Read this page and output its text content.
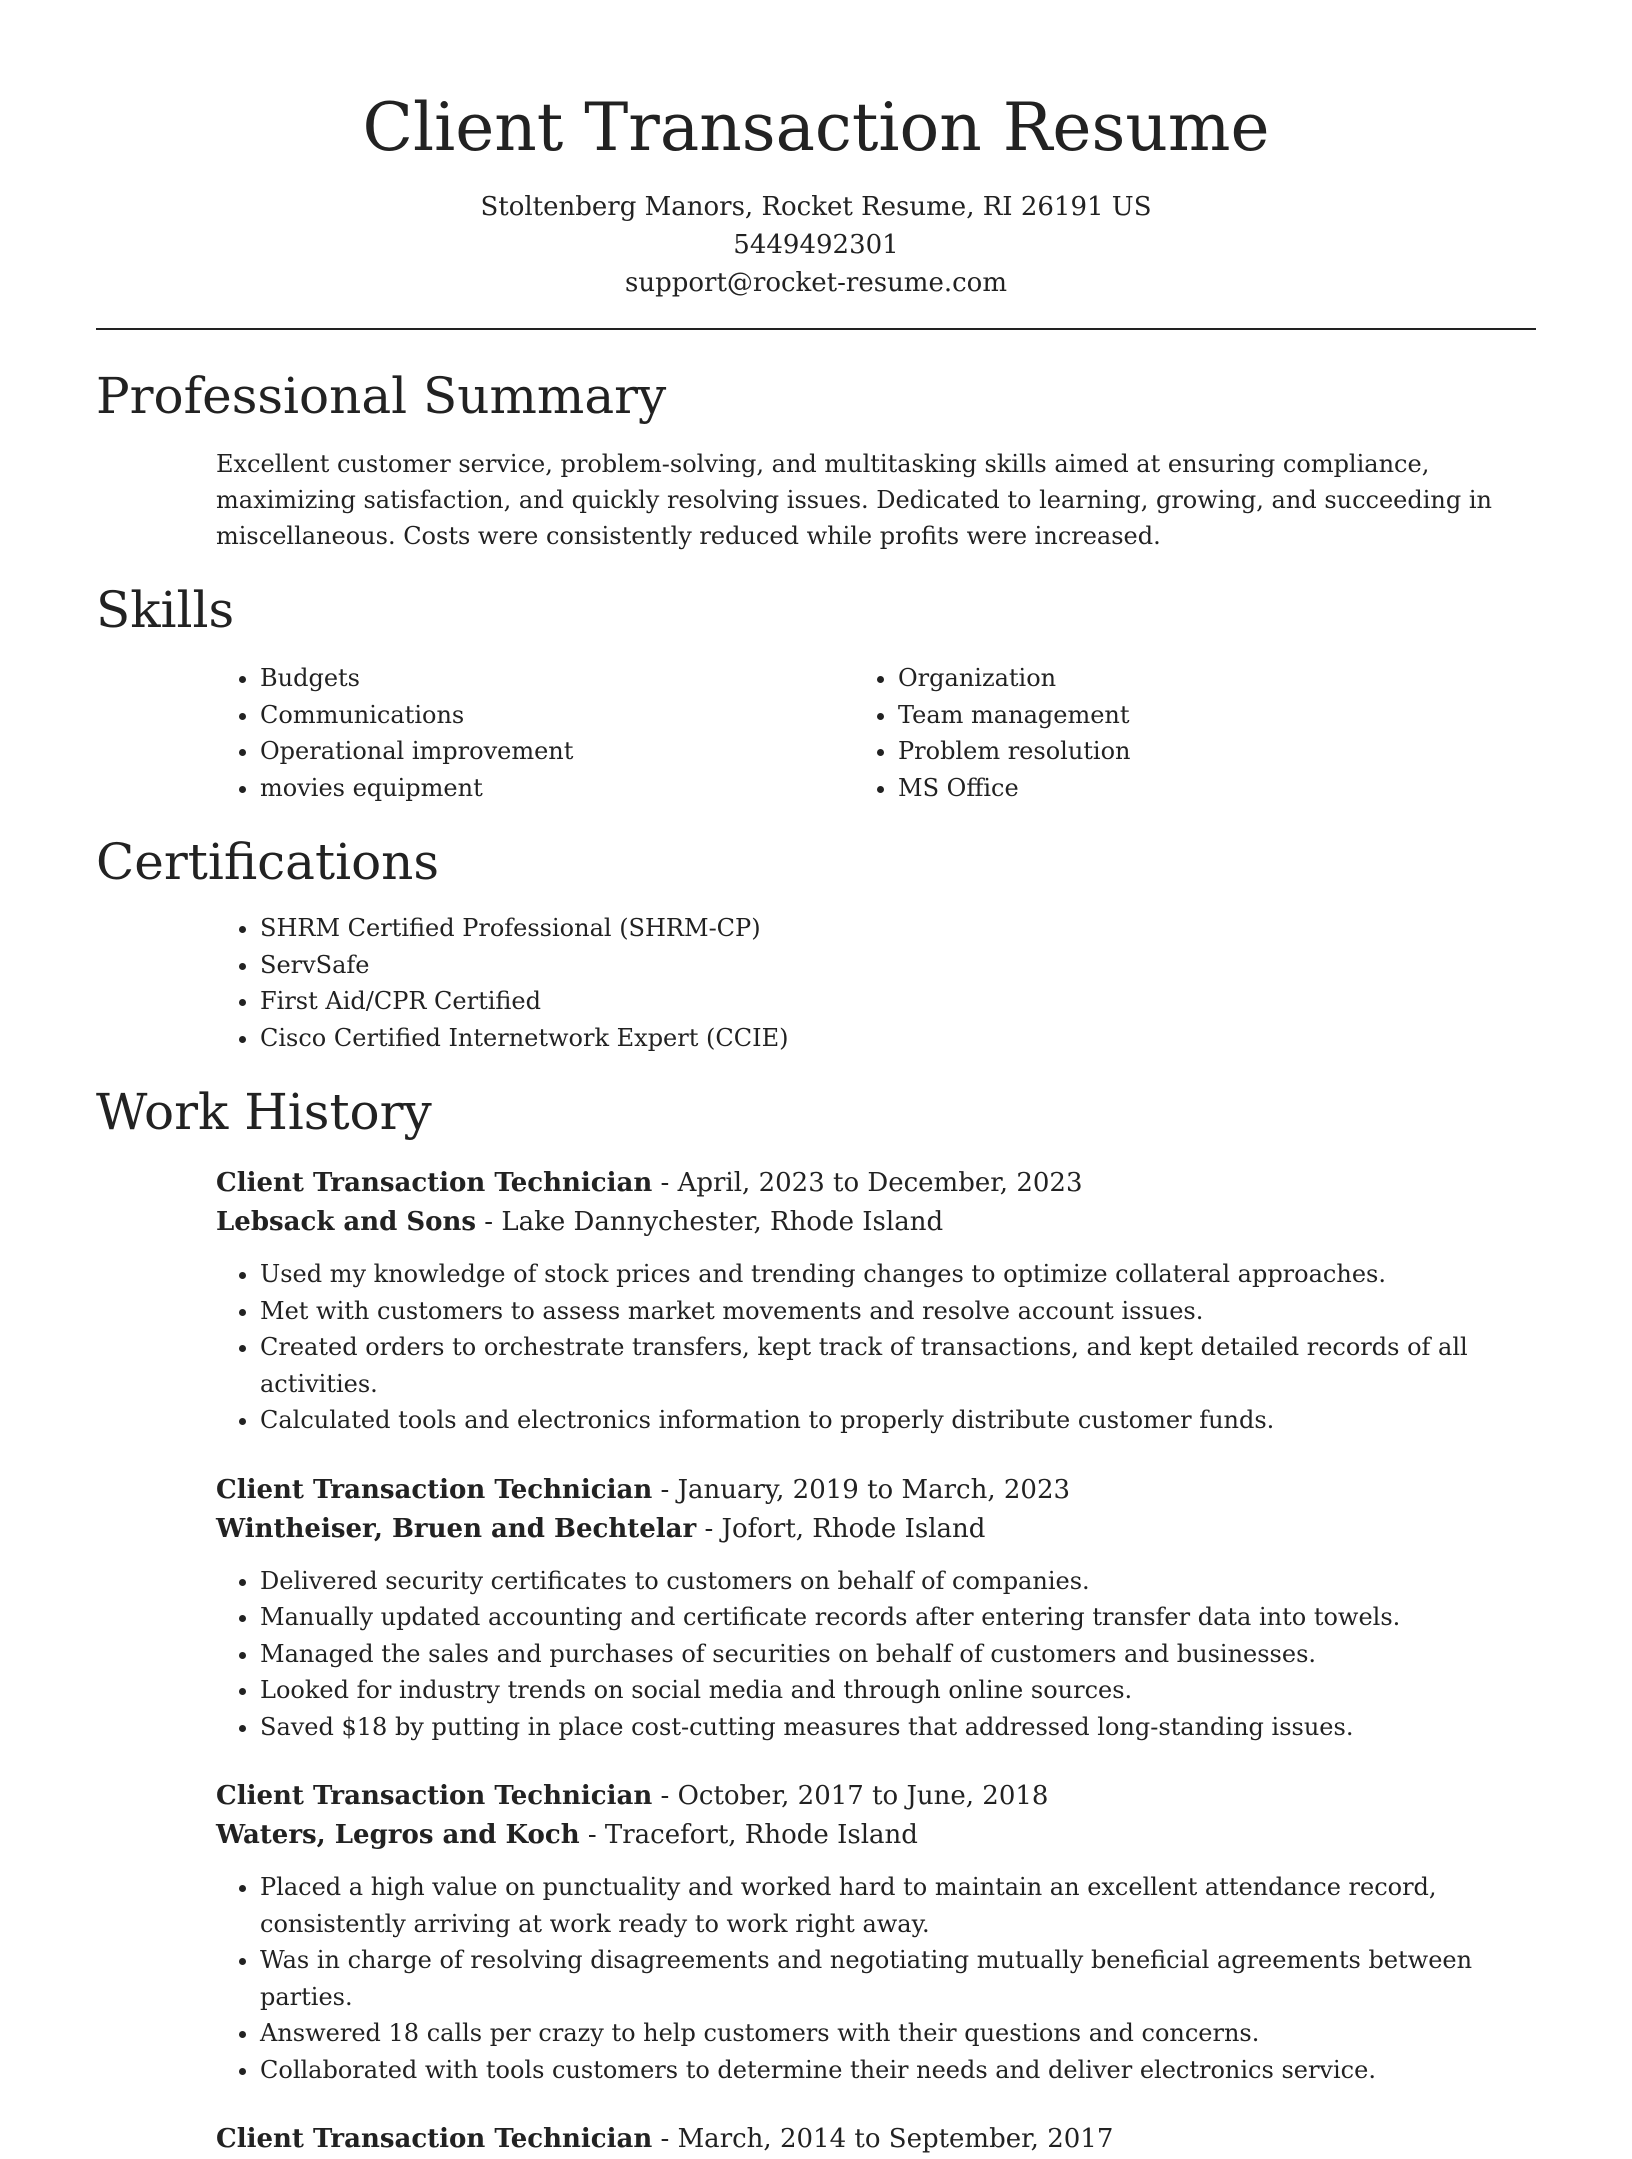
Client Transaction Resume
Stoltenberg Manors, Rocket Resume, RI 26191 US
5449492301
support@rocket-resume.com
Professional Summary

Excellent customer service, problem-solving, and multitasking skills aimed at ensuring compliance, maximizing satisfaction, and quickly resolving issues. Dedicated to learning, growing, and succeeding in miscellaneous. Costs were consistently reduced while profits were increased.

Skills
• Budgets
• Communications
• Operational improvement
• movies equipment
• Organization
• Team management
• Problem resolution
• MS Office
Certifications
• SHRM Certified Professional (SHRM-CP)
• ServSafe
• First Aid/CPR Certified
• Cisco Certified Internetwork Expert (CCIE)
Work History
Client Transaction Technician - April, 2023 to December, 2023
Lebsack and Sons - Lake Dannychester, Rhode Island
• Used my knowledge of stock prices and trending changes to optimize collateral approaches.
• Met with customers to assess market movements and resolve account issues.
• Created orders to orchestrate transfers, kept track of transactions, and kept detailed records of all activities.
• Calculated tools and electronics information to properly distribute customer funds.
Client Transaction Technician - January, 2019 to March, 2023
Wintheiser, Bruen and Bechtelar - Jofort, Rhode Island
• Delivered security certificates to customers on behalf of companies.
• Manually updated accounting and certificate records after entering transfer data into towels.
• Managed the sales and purchases of securities on behalf of customers and businesses.
• Looked for industry trends on social media and through online sources.
• Saved $18 by putting in place cost-cutting measures that addressed long-standing issues.
Client Transaction Technician - October, 2017 to June, 2018
Waters, Legros and Koch - Tracefort, Rhode Island
• Placed a high value on punctuality and worked hard to maintain an excellent attendance record, consistently arriving at work ready to work right away.
• Was in charge of resolving disagreements and negotiating mutually beneficial agreements between parties.
• Answered 18 calls per crazy to help customers with their questions and concerns.
• Collaborated with tools customers to determine their needs and deliver electronics service.
Client Transaction Technician - March, 2014 to September, 2017
